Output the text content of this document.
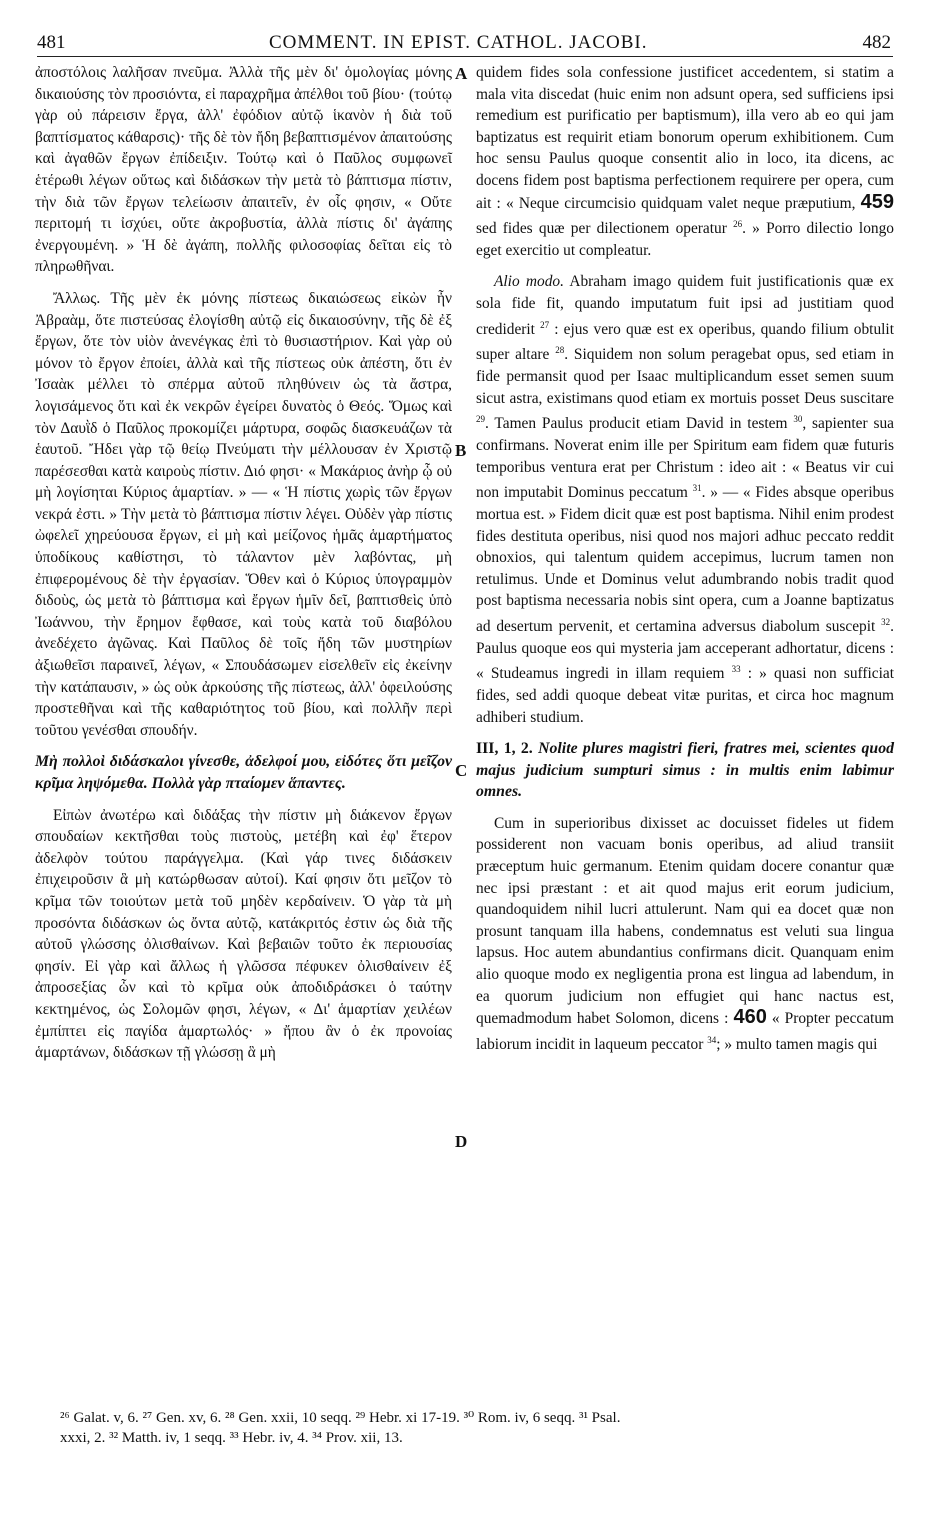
481	COMMENT. IN EPIST. CATHOL. JACOBI.	482
A
B
C
D

ἀποστόλοις λαλῆσαν πνεῦμα. Ἀλλὰ τῆς μὲν δι' ὁμολογίας μόνης δικαιούσης τὸν προσιόντα, εἰ παραχρῆμα ἀπέλθοι τοῦ βίου· (τούτῳ γὰρ οὐ πάρεισιν ἔργα, ἀλλ' ἐφόδιον αὐτῷ ἱκανὸν ἡ διὰ τοῦ βαπτίσματος κάθαρσις)· τῆς δὲ τὸν ἤδη βεβαπτισμένον ἀπαιτούσης καὶ ἀγαθῶν ἔργων ἐπίδειξιν. Τούτῳ καὶ ὁ Παῦλος συμφωνεῖ ἑτέρωθι λέγων οὕτως καὶ διδάσκων τὴν μετὰ τὸ βάπτισμα πίστιν, τὴν διὰ τῶν ἔργων τελείωσιν ἀπαιτεῖν, ἐν οἷς φησιν, « Οὔτε περιτομή τι ἰσχύει, οὔτε ἀκροβυστία, ἀλλὰ πίστις δι' ἀγάπης ἐνεργουμένη. » Ἡ δὲ ἀγάπη, πολλῆς φιλοσοφίας δεῖται εἰς τὸ πληρωθῆναι.

Ἄλλως. Τῆς μὲν ἐκ μόνης πίστεως δικαιώσεως εἰκὼν ἦν Ἀβραὰμ, ὅτε πιστεύσας ἐλογίσθη αὐτῷ εἰς δικαιοσύνην, τῆς δὲ ἐξ ἔργων, ὅτε τὸν υἱὸν ἀνενέγκας ἐπὶ τὸ θυσιαστήριον. Καὶ γὰρ οὐ μόνον τὸ ἔργον ἐποίει, ἀλλὰ καὶ τῆς πίστεως οὐκ ἀπέστη, ὅτι ἐν Ἰσαὰκ μέλλει τὸ σπέρμα αὐτοῦ πληθύνειν ὡς τὰ ἄστρα, λογισάμενος ὅτι καὶ ἐκ νεκρῶν ἐγείρει δυνατὸς ὁ Θεός. Ὅμως καὶ τὸν Δαυῒδ ὁ Παῦλος προκομίζει μάρτυρα, σοφῶς διασκευάζων τὰ ἑαυτοῦ. Ἤδει γὰρ τῷ θείῳ Πνεύματι τὴν μέλλουσαν ἐν Χριστῷ παρέσεσθαι κατὰ καιροὺς πίστιν. Διό φησι· « Μακάριος ἀνὴρ ᾧ οὐ μὴ λογίσηται Κύριος ἁμαρτίαν. » — « Ἡ πίστις χωρὶς τῶν ἔργων νεκρά ἐστι. » Τὴν μετὰ τὸ βάπτισμα πίστιν λέγει. Οὐδὲν γὰρ πίστις ὠφελεῖ χηρεύουσα ἔργων, εἰ μὴ καὶ μείζονος ἡμᾶς ἁμαρτήματος ὑποδίκους καθίστησι, τὸ τάλαντον μὲν λαβόντας, μὴ ἐπιφερομένους δὲ τὴν ἐργασίαν. Ὅθεν καὶ ὁ Κύριος ὑπογραμμὸν διδοὺς, ὡς μετὰ τὸ βάπτισμα καὶ ἔργων ἡμῖν δεῖ, βαπτισθεὶς ὑπὸ Ἰωάννου, τὴν ἔρημον ἔφθασε, καὶ τοὺς κατὰ τοῦ διαβόλου ἀνεδέχετο ἀγῶνας. Καὶ Παῦλος δὲ τοῖς ἤδη τῶν μυστηρίων ἀξιωθεῖσι παραινεῖ, λέγων, « Σπουδάσωμεν εἰσελθεῖν εἰς ἐκείνην τὴν κατάπαυσιν, » ὡς οὐκ ἀρκούσης τῆς πίστεως, ἀλλ' ὀφειλούσης προστεθῆναι καὶ τῆς καθαριότητος τοῦ βίου, καὶ πολλῆν περὶ τοῦτου γενέσθαι σπουδήν.

Μὴ πολλοὶ διδάσκαλοι γίνεσθε, ἀδελφοί μου, εἰδότες ὅτι μεῖζον κρῖμα ληψόμεθα. Πολλὰ γὰρ πταίομεν ἅπαντες.

Εἰπὼν ἀνωτέρω καὶ διδάξας τὴν πίστιν μὴ διάκενον ἔργων σπουδαίων κεκτῆσθαι τοὺς πιστοὺς, μετέβη καὶ ἐφ' ἕτερον ἀδελφὸν τούτου παράγγελμα. (Καὶ γάρ τινες διδάσκειν ἐπιχειροῦσιν ἃ μὴ κατώρθωσαν αὐτοί). Καί φησιν ὅτι μεῖζον τὸ κρῖμα τῶν τοιούτων μετὰ τοῦ μηδὲν κερδαίνειν. Ὁ γὰρ τὰ μὴ προσόντα διδάσκων ὡς ὄντα αὐτῷ, κατάκριτός ἐστιν ὡς διὰ τῆς αὐτοῦ γλώσσης ὀλισθαίνων. Καὶ βεβαιῶν τοῦτο ἐκ περιουσίας φησίν. Εἰ γὰρ καὶ ἄλλως ἡ γλῶσσα πέφυκεν ὀλισθαίνειν ἐξ ἀπροσεξίας ὧν καὶ τὸ κρῖμα οὐκ ἀποδιδράσκει ὁ ταύτην κεκτημένος, ὡς Σολομῶν φησι, λέγων, « Δι' ἁμαρτίαν χειλέων ἐμπίπτει εἰς παγίδα ἁμαρτωλός· » ἤπου ἂν ὁ ἐκ προνοίας ἁμαρτάνων, διδάσκων τῇ γλώσσῃ ἃ μὴ

quidem fides sola confessione justificet accedentem, si statim a mala vita discedat (huic enim non adsunt opera, sed sufficiens ipsi remedium est purificatio per baptismum), illa vero ab eo qui jam baptizatus est requirit etiam bonorum operum exhibitionem. Cum hoc sensu Paulus quoque consentit alio in loco, ita dicens, ac docens fidem post baptisma perfectionem requirere per opera, cum ait : « Neque circumcisio quidquam valet neque præputium, 459 sed fides quæ per dilectionem operatur $^{26}$. » Porro dilectio longo eget exercitio ut compleatur.

Alio modo. Abraham imago quidem fuit justificationis quæ ex sola fide fit, quando imputatum fuit ipsi ad justitiam quod crediderit $^{27}$ : ejus vero quæ est ex operibus, quando filium obtulit super altare $^{28}$. Siquidem non solum peragebat opus, sed etiam in fide permansit quod per Isaac multiplicandum esset semen suum sicut astra, existimans quod etiam ex mortuis posset Deus suscitare $^{29}$. Tamen Paulus producit etiam David in testem $^{30}$, sapienter sua confirmans. Noverat enim ille per Spiritum eam fidem quæ futuris temporibus ventura erat per Christum : ideo ait : « Beatus vir cui non imputabit Dominus peccatum $^{31}$. » — « Fides absque operibus mortua est. » Fidem dicit quæ est post baptisma. Nihil enim prodest fides destituta operibus, nisi quod nos majori adhuc peccato reddit obnoxios, qui talentum quidem accepimus, lucrum tamen non retulimus. Unde et Dominus velut adumbrando nobis tradit quod post baptisma necessaria nobis sint opera, cum a Joanne baptizatus ad desertum pervenit, et certamina adversus diabolum suscepit $^{32}$. Paulus quoque eos qui mysteria jam acceperant adhortatur, dicens : « Studeamus ingredi in illam requiem $^{33}$ : » quasi non sufficiat fides, sed addi quoque debeat vitæ puritas, et circa hoc magnum adhiberi studium.

III, 1, 2. Nolite plures magistri fieri, fratres mei, scientes quod majus judicium sumpturi simus : in multis enim labimur omnes.

Cum in superioribus dixisset ac docuisset fideles ut fidem possiderent non vacuam bonis operibus, ad aliud transiit præceptum huic germanum. Etenim quidam docere conantur quæ nec ipsi præstant : et ait quod majus erit eorum judicium, quandoquidem nihil lucri attulerunt. Nam qui ea docet quæ non prosunt tanquam illa habens, condemnatus est veluti sua lingua lapsus. Hoc autem abundantius confirmans dicit. Quanquam enim alio quoque modo ex negligentia prona est lingua ad labendum, in ea quorum judicium non effugiet qui hanc nactus est, quemadmodum habet Solomon, dicens : 460 « Propter peccatum labiorum incidit in laqueum peccator $^{34}$; » multo tamen magis qui

²⁶ Galat. v, 6. ²⁷ Gen. xv, 6. ²⁸ Gen. xxii, 10 seqq. ²⁹ Hebr. xi 17-19. ³⁰ Rom. iv, 6 seqq. ³¹ Psal.

xxxi, 2. ³² Matth. iv, 1 seqq. ³³ Hebr. iv, 4. ³⁴ Prov. xii, 13.
